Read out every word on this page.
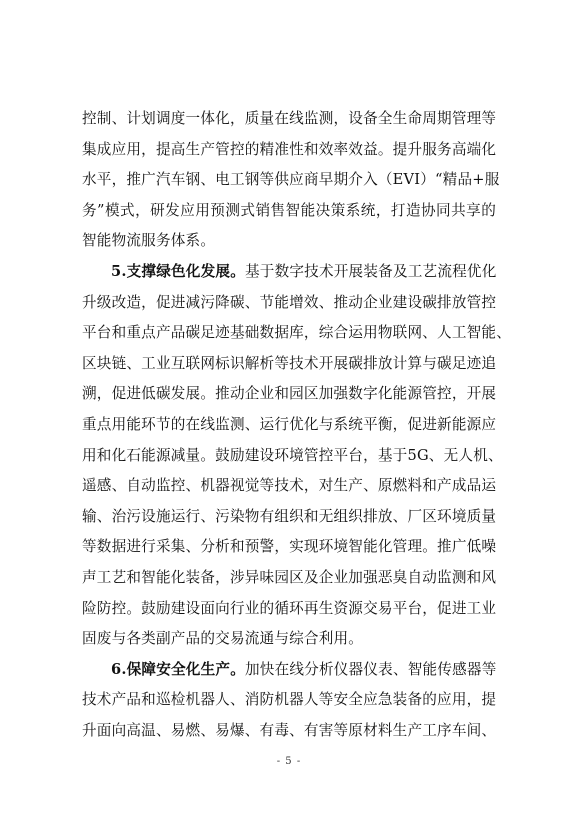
控制、计划调度一体化，质量在线监测，设备全生命周期管理等
集成应用，提高生产管控的精准性和效率效益。提升服务高端化
水平，推广汽车钢、电工钢等供应商早期介入（EVI）“精品+服
务”模式，研发应用预测式销售智能决策系统，打造协同共享的
智能物流服务体系。
5.支撑绿色化发展。基于数字技术开展装备及工艺流程优化
升级改造，促进减污降碳、节能增效、推动企业建设碳排放管控
平台和重点产品碳足迹基础数据库，综合运用物联网、人工智能、
区块链、工业互联网标识解析等技术开展碳排放计算与碳足迹追
溯，促进低碳发展。推动企业和园区加强数字化能源管控，开展
重点用能环节的在线监测、运行优化与系统平衡，促进新能源应
用和化石能源减量。鼓励建设环境管控平台，基于5G、无人机、
遥感、自动监控、机器视觉等技术，对生产、原燃料和产成品运
输、治污设施运行、污染物有组织和无组织排放、厂区环境质量
等数据进行采集、分析和预警，实现环境智能化管理。推广低噪
声工艺和智能化装备，涉异味园区及企业加强恶臭自动监测和风
险防控。鼓励建设面向行业的循环再生资源交易平台，促进工业
固废与各类副产品的交易流通与综合利用。
6.保障安全化生产。加快在线分析仪器仪表、智能传感器等
技术产品和巡检机器人、消防机器人等安全应急装备的应用，提
升面向高温、易燃、易爆、有毒、有害等原材料生产工序车间、
- 5 -
